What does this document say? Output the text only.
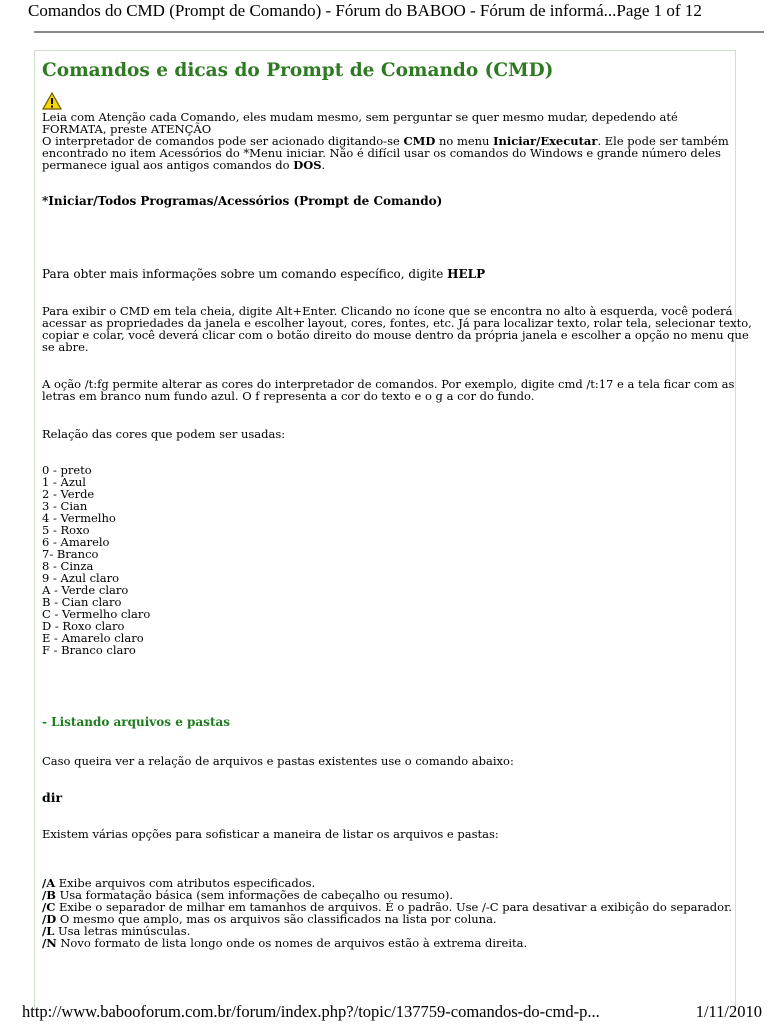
Comandos do CMD (Prompt de Comando) - Fórum do BABOO - Fórum de informá...Page 1 of 12
Comandos e dicas do Prompt de Comando (CMD)
Leia com Atenção cada Comando, eles mudam mesmo, sem perguntar se quer mesmo mudar, depedendo até
FORMATA, preste ATENÇÃO
O interpretador de comandos pode ser acionado digitando-se CMD no menu Iniciar/Executar. Ele pode ser também
encontrado no item Acessórios do *Menu iniciar. Não é difícil usar os comandos do Windows e grande número deles
permanece igual aos antigos comandos do DOS.
*Iniciar/Todos Programas/Acessórios (Prompt de Comando)
Para obter mais informações sobre um comando específico, digite HELP
Para exibir o CMD em tela cheia, digite Alt+Enter. Clicando no ícone que se encontra no alto à esquerda, você poderá
acessar as propriedades da janela e escolher layout, cores, fontes, etc. Já para localizar texto, rolar tela, selecionar texto,
copiar e colar, você deverá clicar com o botão direito do mouse dentro da própria janela e escolher a opção no menu que
se abre.
A oção /t:fg permite alterar as cores do interpretador de comandos. Por exemplo, digite cmd /t:17 e a tela ficar com as
letras em branco num fundo azul. O f representa a cor do texto e o g a cor do fundo.
Relação das cores que podem ser usadas:
0 - preto
1 - Azul
2 - Verde
3 - Cian
4 - Vermelho
5 - Roxo
6 - Amarelo
7- Branco
8 - Cinza
9 - Azul claro
A - Verde claro
B - Cian claro
C - Vermelho claro
D - Roxo claro
E - Amarelo claro
F - Branco claro
- Listando arquivos e pastas
Caso queira ver a relação de arquivos e pastas existentes use o comando abaixo:
dir
Existem várias opções para sofisticar a maneira de listar os arquivos e pastas:
/A Exibe arquivos com atributos especificados.
/B Usa formatação básica (sem informações de cabeçalho ou resumo).
/C Exibe o separador de milhar em tamanhos de arquivos. É o padrão. Use /-C para desativar a exibição do separador.
/D O mesmo que amplo, mas os arquivos são classificados na lista por coluna.
/L Usa letras minúsculas.
/N Novo formato de lista longo onde os nomes de arquivos estão à extrema direita.
http://www.babooforum.com.br/forum/index.php?/topic/137759-comandos-do-cmd-p...	1/11/2010
